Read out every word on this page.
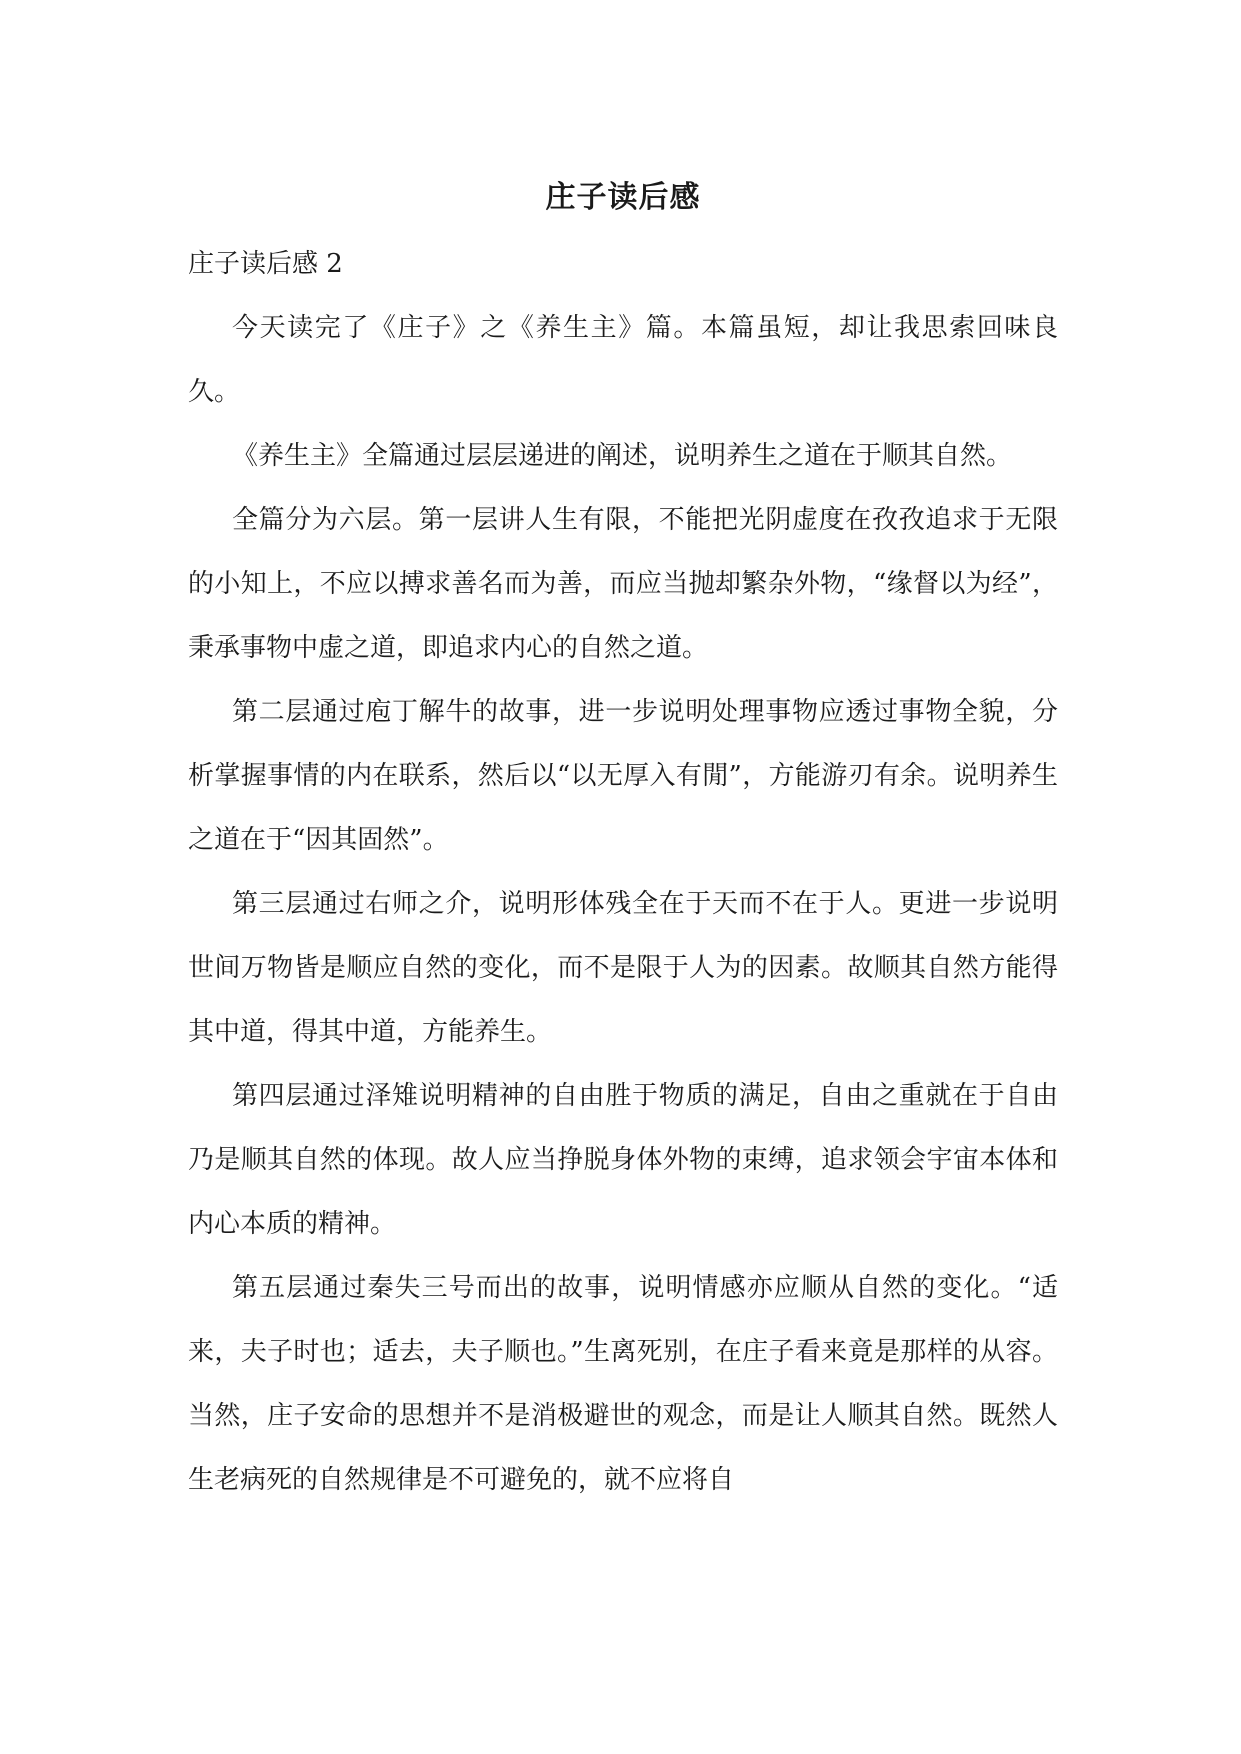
庄子读后感
庄子读后感 2

今天读完了《庄子》之《养生主》篇。本篇虽短，却让我思索回味良久。

《养生主》全篇通过层层递进的阐述，说明养生之道在于顺其自然。

全篇分为六层。第一层讲人生有限，不能把光阴虚度在孜孜追求于无限的小知上，不应以搏求善名而为善，而应当抛却繁杂外物，“缘督以为经”，秉承事物中虚之道，即追求内心的自然之道。

第二层通过庖丁解牛的故事，进一步说明处理事物应透过事物全貌，分析掌握事情的内在联系，然后以“以无厚入有閒”，方能游刃有余。说明养生之道在于“因其固然”。

第三层通过右师之介，说明形体残全在于天而不在于人。更进一步说明世间万物皆是顺应自然的变化，而不是限于人为的因素。故顺其自然方能得其中道，得其中道，方能养生。

第四层通过泽雉说明精神的自由胜于物质的满足，自由之重就在于自由乃是顺其自然的体现。故人应当挣脱身体外物的束缚，追求领会宇宙本体和内心本质的精神。

第五层通过秦失三号而出的故事，说明情感亦应顺从自然的变化。“适来，夫子时也；适去，夫子顺也。”生离死别，在庄子看来竟是那样的从容。当然，庄子安命的思想并不是消极避世的观念，而是让人顺其自然。既然人生老病死的自然规律是不可避免的，就不应将自
